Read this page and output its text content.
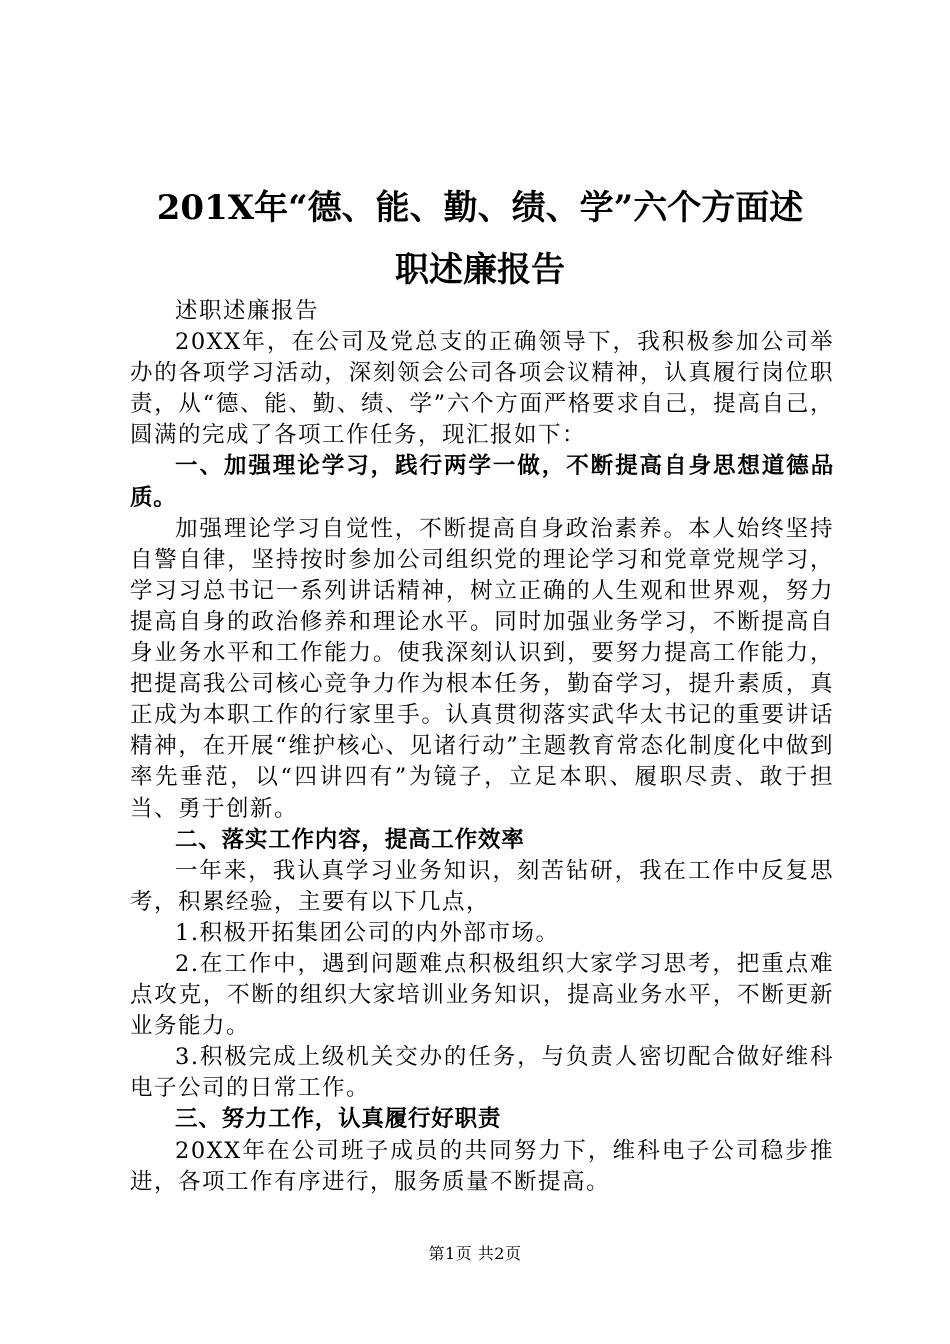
201X年“德、能、勤、绩、学”六个方面述
职述廉报告

述职述廉报告

20XX年，在公司及党总支的正确领导下，我积极参加公司举办的各项学习活动，深刻领会公司各项会议精神，认真履行岗位职责，从“德、能、勤、绩、学”六个方面严格要求自己，提高自己，圆满的完成了各项工作任务，现汇报如下：

一、加强理论学习，践行两学一做，不断提高自身思想道德品质。

加强理论学习自觉性，不断提高自身政治素养。本人始终坚持自警自律，坚持按时参加公司组织党的理论学习和党章党规学习，学习习总书记一系列讲话精神，树立正确的人生观和世界观，努力提高自身的政治修养和理论水平。同时加强业务学习，不断提高自身业务水平和工作能力。使我深刻认识到，要努力提高工作能力，把提高我公司核心竞争力作为根本任务，勤奋学习，提升素质，真正成为本职工作的行家里手。认真贯彻落实武华太书记的重要讲话精神，在开展“维护核心、见诸行动”主题教育常态化制度化中做到率先垂范，以“四讲四有”为镜子，立足本职、履职尽责、敢于担当、勇于创新。

二、落实工作内容，提高工作效率

一年来，我认真学习业务知识，刻苦钻研，我在工作中反复思考，积累经验，主要有以下几点，

1.积极开拓集团公司的内外部市场。

2.在工作中，遇到问题难点积极组织大家学习思考，把重点难点攻克，不断的组织大家培训业务知识，提高业务水平，不断更新业务能力。

3.积极完成上级机关交办的任务，与负责人密切配合做好维科电子公司的日常工作。

三、努力工作，认真履行好职责

20XX年在公司班子成员的共同努力下，维科电子公司稳步推进，各项工作有序进行，服务质量不断提高。

第1页 共2页
